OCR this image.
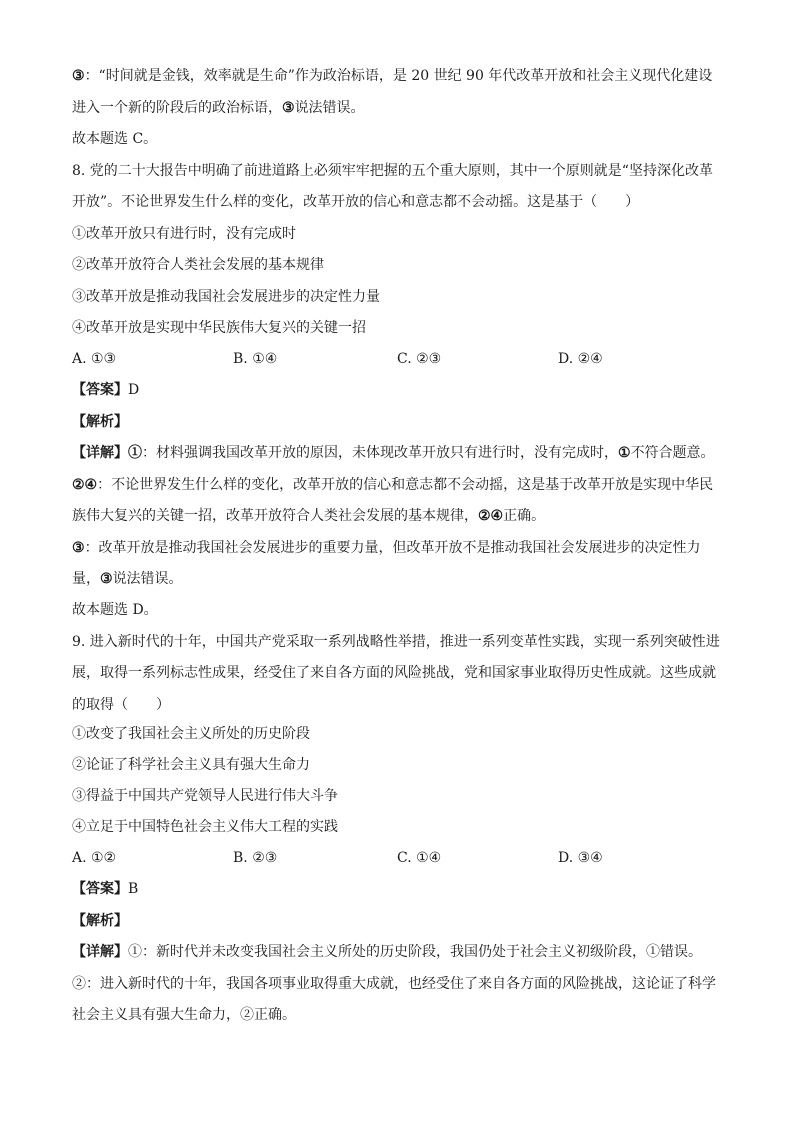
③：“时间就是金钱，效率就是生命”作为政治标语，是 20 世纪 90 年代改革开放和社会主义现代化建设
进入一个新的阶段后的政治标语，③说法错误。
故本题选 C。
8. 党的二十大报告中明确了前进道路上必须牢牢把握的五个重大原则，其中一个原则就是“坚持深化改革
开放”。不论世界发生什么样的变化，改革开放的信心和意志都不会动摇。这是基于（　　）
①改革开放只有进行时，没有完成时
②改革开放符合人类社会发展的基本规律
③改革开放是推动我国社会发展进步的决定性力量
④改革开放是实现中华民族伟大复兴的关键一招
A. ①③	B. ①④	C. ②③	D. ②④
【答案】D
【解析】
【详解】①：材料强调我国改革开放的原因，未体现改革开放只有进行时，没有完成时，①不符合题意。
②④：不论世界发生什么样的变化，改革开放的信心和意志都不会动摇，这是基于改革开放是实现中华民
族伟大复兴的关键一招，改革开放符合人类社会发展的基本规律，②④正确。
③：改革开放是推动我国社会发展进步的重要力量，但改革开放不是推动我国社会发展进步的决定性力
量，③说法错误。
故本题选 D。
9. 进入新时代的十年，中国共产党采取一系列战略性举措，推进一系列变革性实践，实现一系列突破性进
展，取得一系列标志性成果，经受住了来自各方面的风险挑战，党和国家事业取得历史性成就。这些成就
的取得（　　）
①改变了我国社会主义所处的历史阶段
②论证了科学社会主义具有强大生命力
③得益于中国共产党领导人民进行伟大斗争
④立足于中国特色社会主义伟大工程的实践
A. ①②	B. ②③	C. ①④	D. ③④
【答案】B
【解析】
【详解】①：新时代并未改变我国社会主义所处的历史阶段，我国仍处于社会主义初级阶段，①错误。
②：进入新时代的十年，我国各项事业取得重大成就，也经受住了来自各方面的风险挑战，这论证了科学
社会主义具有强大生命力，②正确。
